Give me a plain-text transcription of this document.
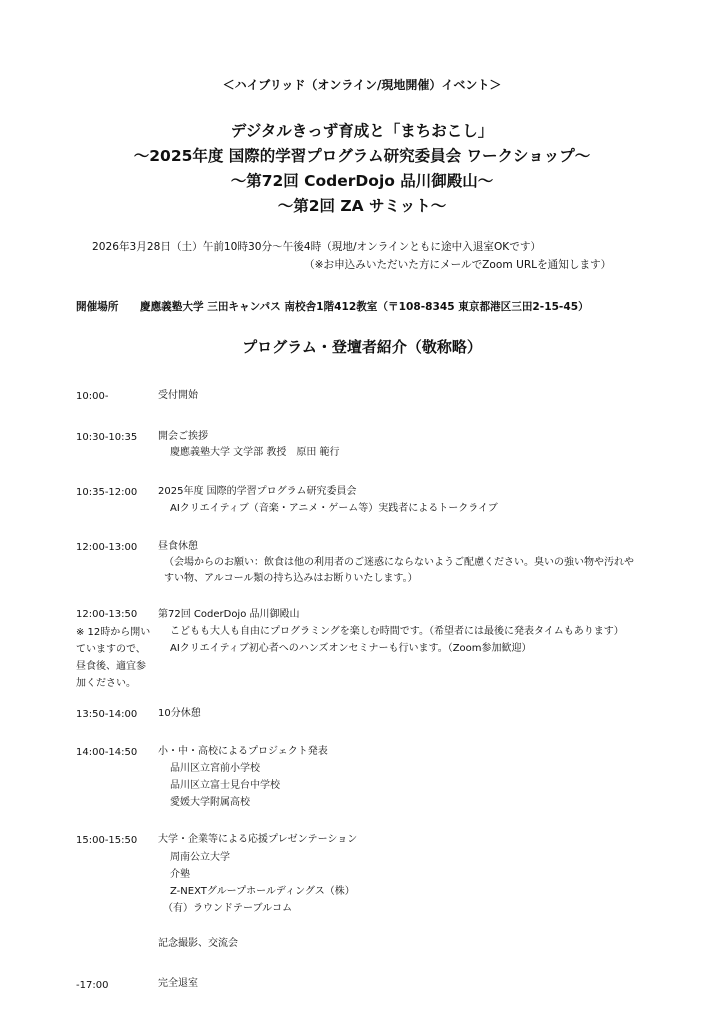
＜ハイブリッド（オンライン/現地開催）イベント＞
デジタルきっず育成と「まちおこし」
～2025年度 国際的学習プログラム研究委員会 ワークショップ～
～第72回 CoderDojo 品川御殿山～
～第2回 ZA サミット～
2026年3月28日（土）午前10時30分～午後4時（現地/オンラインともに途中入退室OKです）
（※お申込みいただいた方にメールでZoom URLを通知します）
開催場所 慶應義塾大学 三田キャンパス 南校舎1階412教室（〒108-8345 東京都港区三田2-15-45）
プログラム・登壇者紹介（敬称略）
10:00-	受付開始
10:30-10:35 開会ご挨拶
慶應義塾大学 文学部 教授　原田 範行
10:35-12:00 2025年度 国際的学習プログラム研究委員会
AIクリエイティブ（音楽・アニメ・ゲーム等）実践者によるトークライブ
12:00-13:00 昼食休憩
（会場からのお願い：飲食は他の利用者のご迷惑にならないようご配慮ください。臭いの強い物や汚れや
すい物、アルコール類の持ち込みはお断りいたします。）
12:00-13:50
※ 12時から開い
ていますので、
昼食後、適宜参
加ください。
第72回 CoderDojo 品川御殿山
こどもも大人も自由にプログラミングを楽しむ時間です。（希望者には最後に発表タイムもあります）
AIクリエイティブ初心者へのハンズオンセミナーも行います。（Zoom参加歓迎）
13:50-14:00 10分休憩
14:00-14:50 小・中・高校によるプロジェクト発表
品川区立宮前小学校
品川区立富士見台中学校
愛媛大学附属高校
15:00-15:50 大学・企業等による応援プレゼンテーション
周南公立大学
介塾
Z-NEXTグループホールディングス（株）
（有）ラウンドテーブルコム
記念撮影、交流会
-17:00	完全退室
